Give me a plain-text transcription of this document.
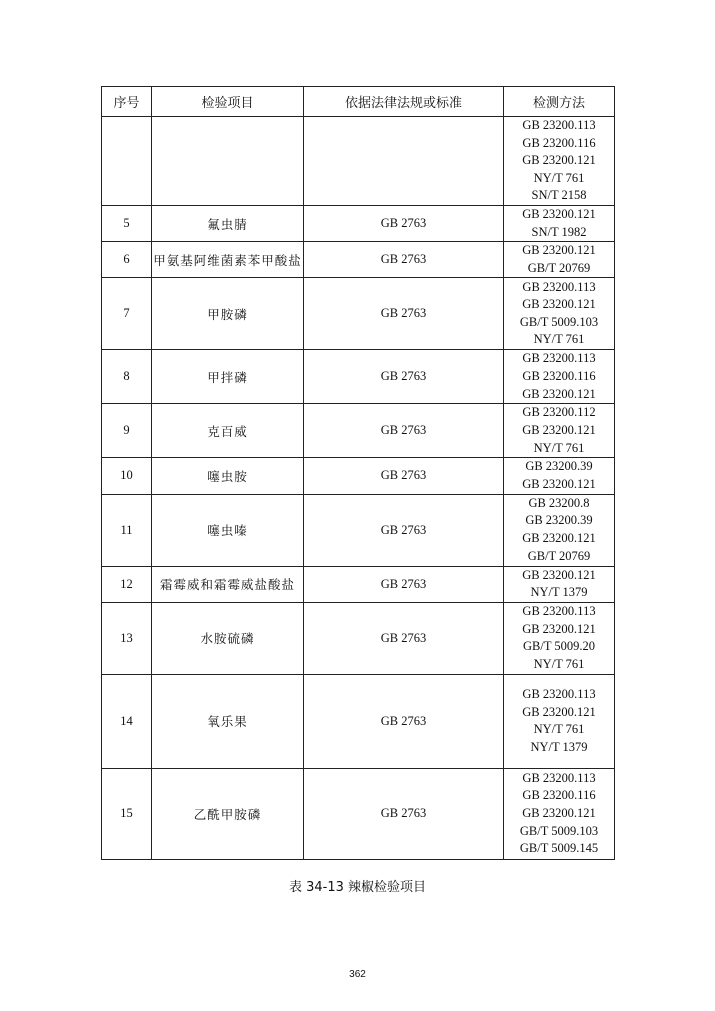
序号	检验项目	依据法律法规或标准	检测方法

			GB 23200.113
GB 23200.116
GB 23200.121
NY/T 761
SN/T 2158

5	氟虫腈	GB 2763	GB 23200.121
SN/T 1982

6	甲氨基阿维菌素苯甲酸盐	GB 2763	GB 23200.121
GB/T 20769

7	甲胺磷	GB 2763	GB 23200.113
GB 23200.121
GB/T 5009.103
NY/T 761

8	甲拌磷	GB 2763	GB 23200.113
GB 23200.116
GB 23200.121

9	克百威	GB 2763	GB 23200.112
GB 23200.121
NY/T 761

10	噻虫胺	GB 2763	GB 23200.39
GB 23200.121

11	噻虫嗪	GB 2763	GB 23200.8
GB 23200.39
GB 23200.121
GB/T 20769

12	霜霉威和霜霉威盐酸盐	GB 2763	GB 23200.121
NY/T 1379

13	水胺硫磷	GB 2763	GB 23200.113
GB 23200.121
GB/T 5009.20
NY/T 761

14	氧乐果	GB 2763	GB 23200.113
GB 23200.121
NY/T 761
NY/T 1379

15	乙酰甲胺磷	GB 2763	GB 23200.113
GB 23200.116
GB 23200.121
GB/T 5009.103
GB/T 5009.145
表 34-13 辣椒检验项目
362
